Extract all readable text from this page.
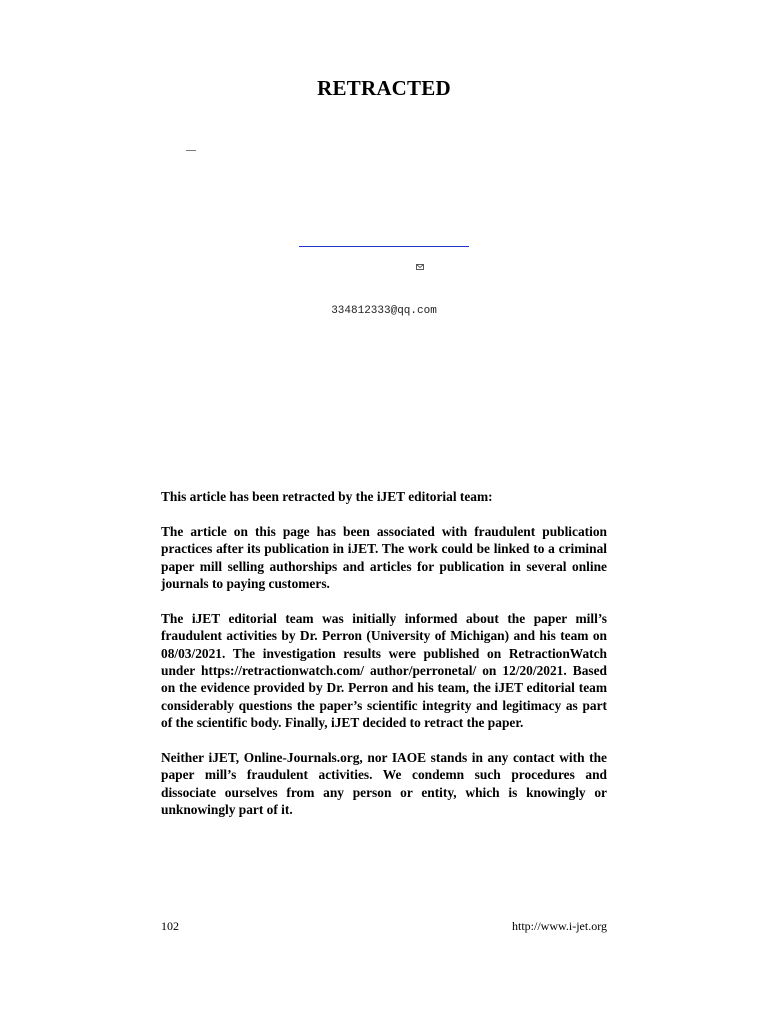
RETRACTED
334812333@qq.com

This article has been retracted by the iJET editorial team:

The article on this page has been associated with fraudulent publication practices after its publication in iJET. The work could be linked to a criminal paper mill selling authorships and articles for publication in several online journals to paying customers.

The iJET editorial team was initially informed about the paper mill’s fraudulent activities by Dr. Perron (University of Michigan) and his team on 08/03/2021. The investigation results were published on RetractionWatch under https://retractionwatch.com/ author/perronetal/ on 12/20/2021. Based on the evidence provided by Dr. Perron and his team, the iJET editorial team considerably questions the paper’s scientific integrity and legitimacy as part of the scientific body. Finally, iJET decided to retract the paper.

Neither iJET, Online-Journals.org, nor IAOE stands in any contact with the paper mill’s fraudulent activities. We condemn such procedures and dissociate ourselves from any person or entity, which is knowingly or unknowingly part of it.

102	http://www.i-jet.org
